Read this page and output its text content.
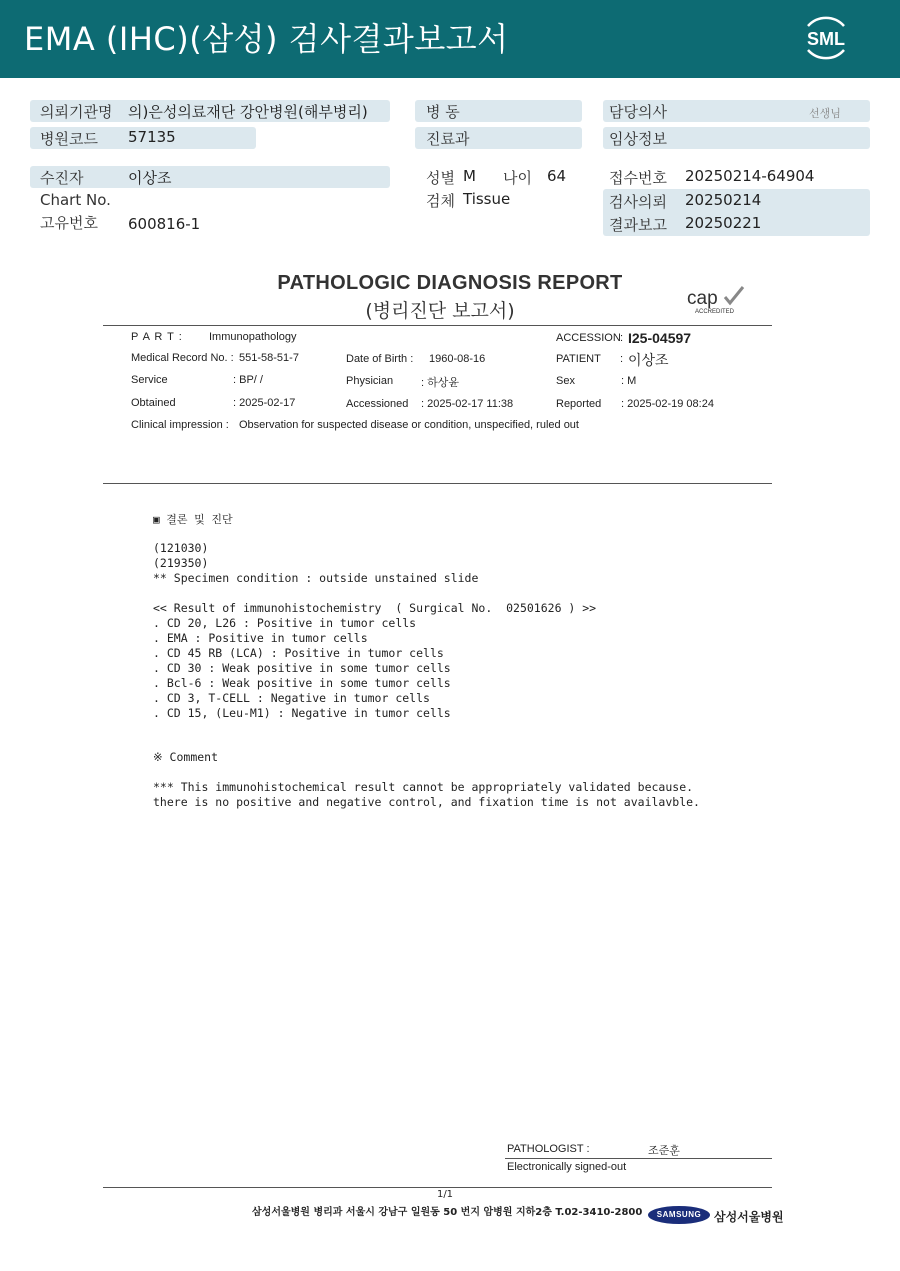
EMA (IHC)(삼성) 검사결과보고서	SML
의뢰기관명 의)은성의료재단 강안병원(해부병리)
병원코드 57135
수진자	이상조
Chart No.
고유번호 600816-1
병 동
진료과
성별 M 나이 64
검체 Tissue
담당의사	선생님
임상정보
접수번호 20250214-64904
검사의뢰 20250214
결과보고 20250221
PATHOLOGIC DIAGNOSIS REPORT
(병리진단 보고서)
cap
ACCREDITED
P A R T : Immunopathology	ACCESSION : I25-04597
Medical Record No. : 551-58-51-7	Date of Birth : 1960-08-16	PATIENT : 이상조
Service	: BP/ /	Physician	: 하상윤	Sex	: M
Obtained	: 2025-02-17	Accessioned : 2025-02-17 11:38	Reported : 2025-02-19 08:24
Clinical impression : Observation for suspected disease or condition, unspecified, ruled out
▣ 결론 및 진단
(121030)
(219350)
** Specimen condition : outside unstained slide
<< Result of immunohistochemistry  ( Surgical No.  02501626 ) >>
. CD 20, L26 : Positive in tumor cells
. EMA : Positive in tumor cells
. CD 45 RB (LCA) : Positive in tumor cells
. CD 30 : Weak positive in some tumor cells
. Bcl-6 : Weak positive in some tumor cells
. CD 3, T-CELL : Negative in tumor cells
. CD 15, (Leu-M1) : Negative in tumor cells
※ Comment
*** This immunohistochemical result cannot be appropriately validated because.
there is no positive and negative control, and fixation time is not availavble.
PATHOLOGIST :	조준훈
Electronically signed-out
1/1
삼성서울병원 병리과 서울시 강남구 일원동 50 번지 암병원 지하2층 T.02-3410-2800	SAMSUNG	삼성서울병원
